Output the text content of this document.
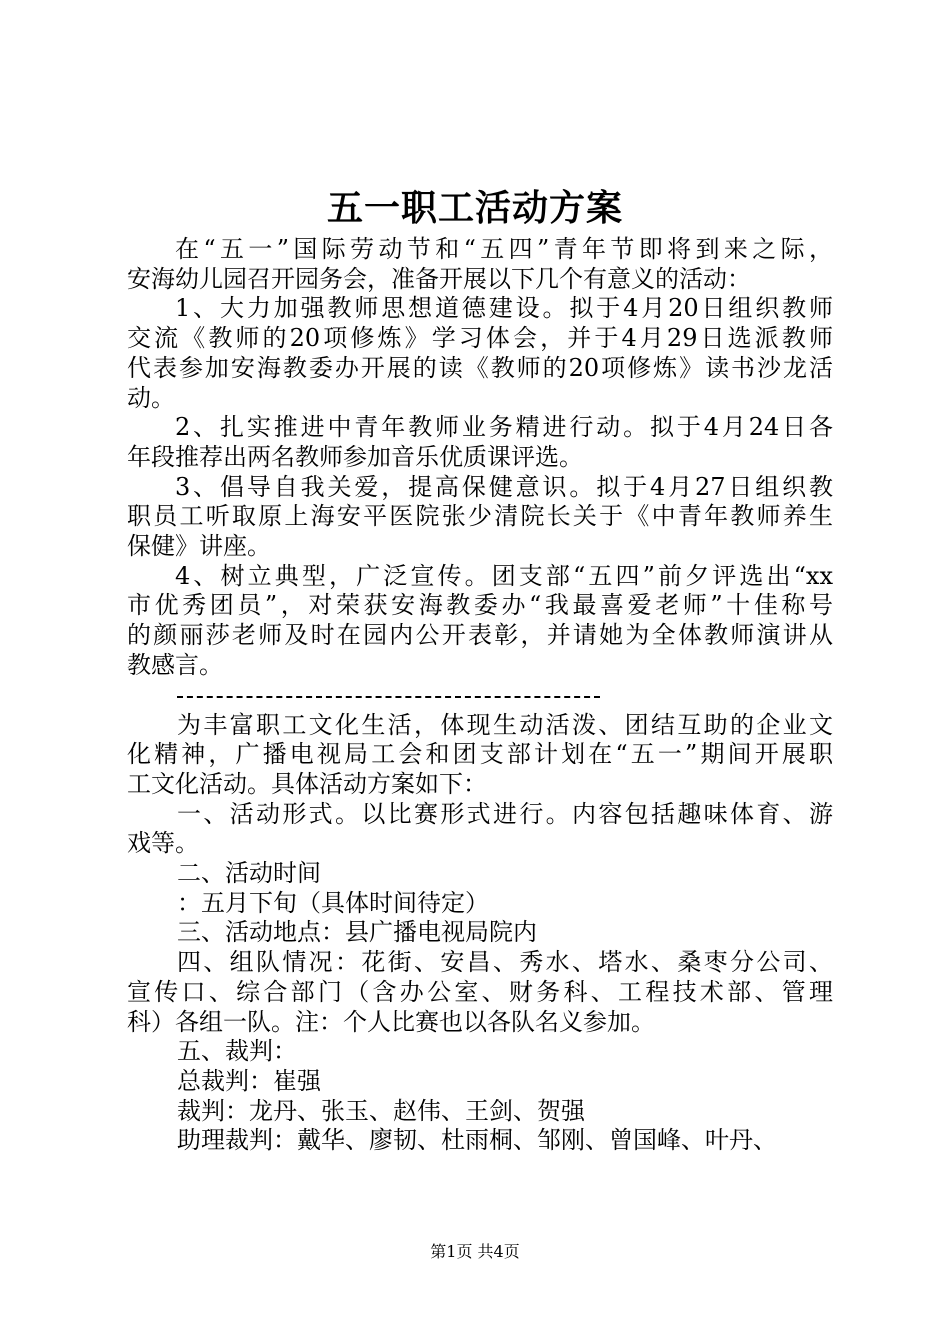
五一职工活动方案

在“五一”国际劳动节和“五四”青年节即将到来之际，
安海幼儿园召开园务会，准备开展以下几个有意义的活动：

1、大力加强教师思想道德建设。拟于4月20日组织教师
交流《教师的20项修炼》学习体会，并于4月29日选派教师
代表参加安海教委办开展的读《教师的20项修炼》读书沙龙活
动。

2、扎实推进中青年教师业务精进行动。拟于4月24日各
年段推荐出两名教师参加音乐优质课评选。

3、倡导自我关爱，提高保健意识。拟于4月27日组织教
职员工听取原上海安平医院张少清院长关于《中青年教师养生
保健》讲座。

4、树立典型，广泛宣传。团支部“五四”前夕评选出“xx
市优秀团员”，对荣获安海教委办“我最喜爱老师”十佳称号
的颜丽莎老师及时在园内公开表彰，并请她为全体教师演讲从
教感言。

为丰富职工文化生活，体现生动活泼、团结互助的企业文
化精神，广播电视局工会和团支部计划在“五一”期间开展职
工文化活动。具体活动方案如下：

一、活动形式。以比赛形式进行。内容包括趣味体育、游
戏等。

二、活动时间

：五月下旬（具体时间待定）

三、活动地点：县广播电视局院内

四、组队情况：花街、安昌、秀水、塔水、桑枣分公司、
宣传口、综合部门（含办公室、财务科、工程技术部、管理
科）各组一队。注：个人比赛也以各队名义参加。

五、裁判：

总裁判：崔强

裁判：龙丹、张玉、赵伟、王剑、贺强

助理裁判：戴华、廖韧、杜雨桐、邹刚、曾国峰、叶丹、

第1页 共4页
